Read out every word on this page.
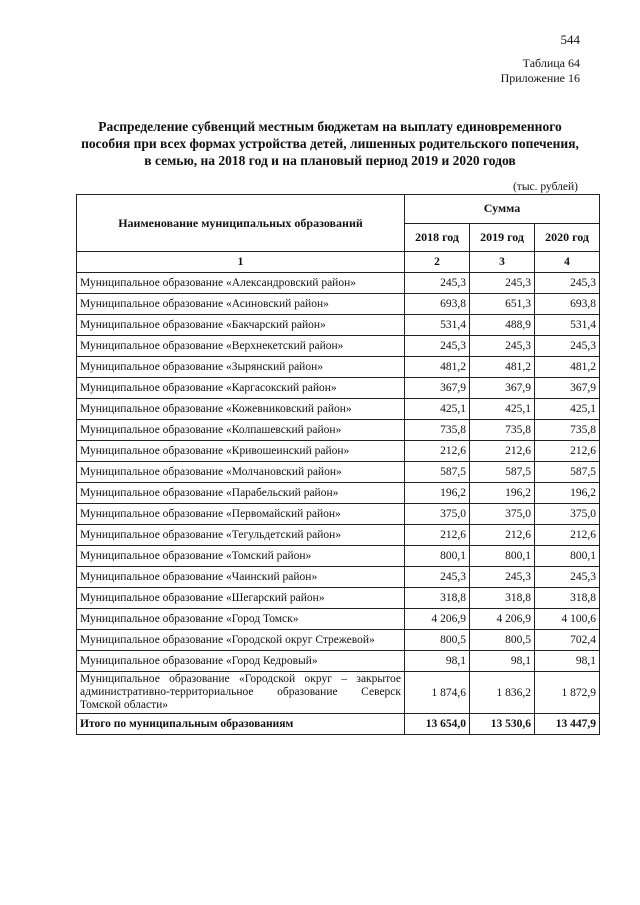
544
Таблица 64
Приложение 16
Распределение субвенций местным бюджетам на выплату единовременного пособия при всех формах устройства детей, лишенных родительского попечения, в семью, на 2018 год и на плановый период 2019 и 2020 годов
(тыс. рублей)
Наименование муниципальных образований	Сумма		
	2018 год	2019 год	2020 год
1	2	3	4
Муниципальное образование «Александровский район»	245,3	245,3	245,3
Муниципальное образование «Асиновский район»	693,8	651,3	693,8
Муниципальное образование «Бакчарский район»	531,4	488,9	531,4
Муниципальное образование «Верхнекетский район»	245,3	245,3	245,3
Муниципальное образование «Зырянский район»	481,2	481,2	481,2
Муниципальное образование «Каргасокский район»	367,9	367,9	367,9
Муниципальное образование «Кожевниковский район»	425,1	425,1	425,1
Муниципальное образование «Колпашевский район»	735,8	735,8	735,8
Муниципальное образование «Кривошеинский район»	212,6	212,6	212,6
Муниципальное образование «Молчановский район»	587,5	587,5	587,5
Муниципальное образование «Парабельский район»	196,2	196,2	196,2
Муниципальное образование «Первомайский район»	375,0	375,0	375,0
Муниципальное образование «Тегульдетский район»	212,6	212,6	212,6
Муниципальное образование «Томский район»	800,1	800,1	800,1
Муниципальное образование «Чаинский район»	245,3	245,3	245,3
Муниципальное образование «Шегарский район»	318,8	318,8	318,8
Муниципальное образование «Город Томск»	4 206,9	4 206,9	4 100,6
Муниципальное образование «Городской округ Стрежевой»	800,5	800,5	702,4
Муниципальное образование «Город Кедровый»	98,1	98,1	98,1
Муниципальное образование «Городской округ – закрытое административно-территориальное образование Северск Томской области»	1 874,6	1 836,2	1 872,9
Итого по муниципальным образованиям	13 654,0	13 530,6	13 447,9
